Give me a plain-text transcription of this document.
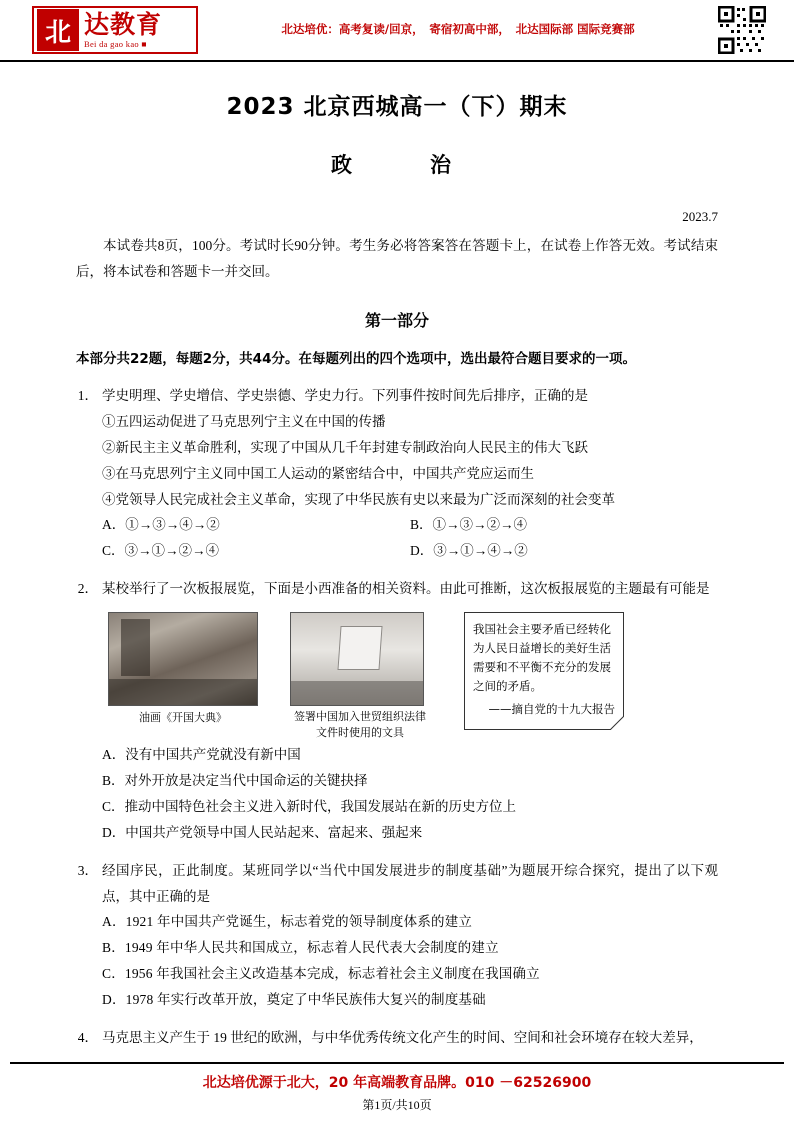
北 达教育
Bei da gao kao ■
北达培优：高考复读/回京，　寄宿初高中部，　北达国际部 国际竞赛部
2023 北京西城高一（下）期末
政　　治
2023.7
本试卷共8页，100分。考试时长90分钟。考生务必将答案答在答题卡上，在试卷上作答无效。考试结束后，将本试卷和答题卡一并交回。
第一部分
本部分共22题，每题2分，共44分。在每题列出的四个选项中，选出最符合题目要求的一项。
1． 学史明理、学史增信、学史崇德、学史力行。下列事件按时间先后排序，正确的是
①五四运动促进了马克思列宁主义在中国的传播
②新民主主义革命胜利，实现了中国从几千年封建专制政治向人民民主的伟大飞跃
③在马克思列宁主义同中国工人运动的紧密结合中，中国共产党应运而生
④党领导人民完成社会主义革命，实现了中华民族有史以来最为广泛而深刻的社会变革
A．①→③→④→②	B．①→③→②→④
C．③→①→②→④	D．③→①→④→②
2． 某校举行了一次板报展览，下面是小西准备的相关资料。由此可推断，这次板报展览的主题最有可能是
油画《开国大典》	签署中国加入世贸组织法律文件时使用的文具
我国社会主要矛盾已经转化为人民日益增长的美好生活需要和不平衡不充分的发展之间的矛盾。
——摘自党的十九大报告
A．没有中国共产党就没有新中国
B．对外开放是决定当代中国命运的关键抉择
C．推动中国特色社会主义进入新时代，我国发展站在新的历史方位上
D．中国共产党领导中国人民站起来、富起来、强起来
3． 经国序民，正此制度。某班同学以“当代中国发展进步的制度基础”为题展开综合探究，提出了以下观点，其中正确的是
A．1921 年中国共产党诞生，标志着党的领导制度体系的建立
B．1949 年中华人民共和国成立，标志着人民代表大会制度的建立
C．1956 年我国社会主义改造基本完成，标志着社会主义制度在我国确立
D．1978 年实行改革开放，奠定了中华民族伟大复兴的制度基础
4． 马克思主义产生于 19 世纪的欧洲，与中华优秀传统文化产生的时间、空间和社会环境存在较大差异，
北达培优源于北大，20 年高端教育品牌。010 －62526900
第1页/共10页
